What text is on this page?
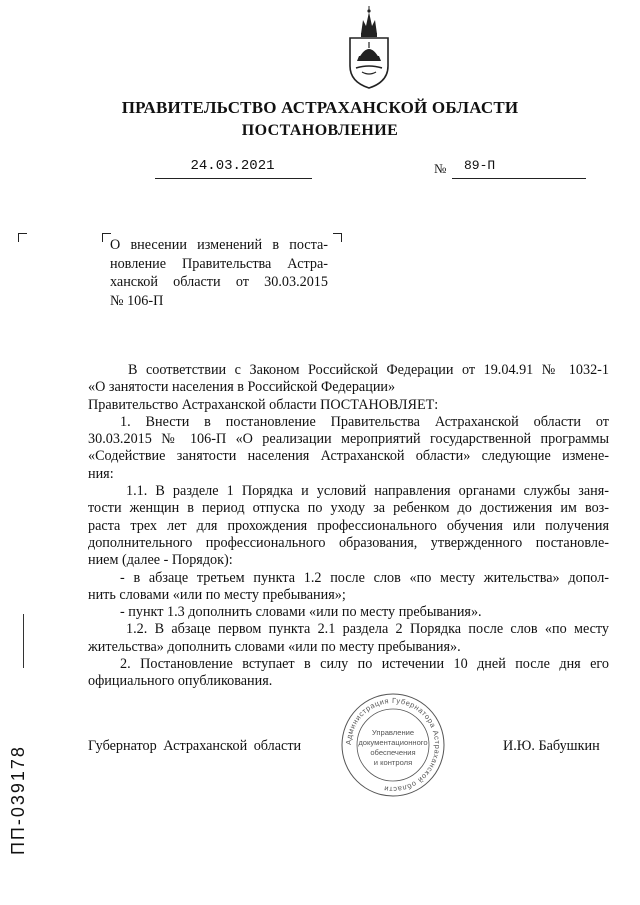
ПРАВИТЕЛЬСТВО АСТРАХАНСКОЙ ОБЛАСТИ
ПОСТАНОВЛЕНИЕ
24.03.2021	№	89-П
О внесении изменений в поста-
новление Правительства Астра-
ханской области от 30.03.2015
№ 106-П
В соответствии с Законом Российской Федерации от 19.04.91 № 1032-1
«О занятости населения в Российской Федерации»
Правительство Астраханской области ПОСТАНОВЛЯЕТ:
1. Внести в постановление Правительства Астраханской области от
30.03.2015 № 106-П «О реализации мероприятий государственной программы
«Содействие занятости населения Астраханской области» следующие измене-
ния:
1.1. В разделе 1 Порядка и условий направления органами службы заня-
тости женщин в период отпуска по уходу за ребенком до достижения им воз-
раста трех лет для прохождения профессионального обучения или получения
дополнительного профессионального образования, утвержденного постановле-
нием (далее - Порядок):
- в абзаце третьем пункта 1.2 после слов «по месту жительства» допол-
нить словами «или по месту пребывания»;
- пункт 1.3 дополнить словами «или по месту пребывания».
1.2. В абзаце первом пункта 2.1 раздела 2 Порядка после слов «по месту
жительства» дополнить словами «или по месту пребывания».
2. Постановление вступает в силу по истечении 10 дней после дня его
официального опубликования.
Губернатор Астраханской области	И.Ю. Бабушкин
Администрация Губернатора Астраханской области
Управление
документационного
обеспечения
и контроля
ПП-039178
